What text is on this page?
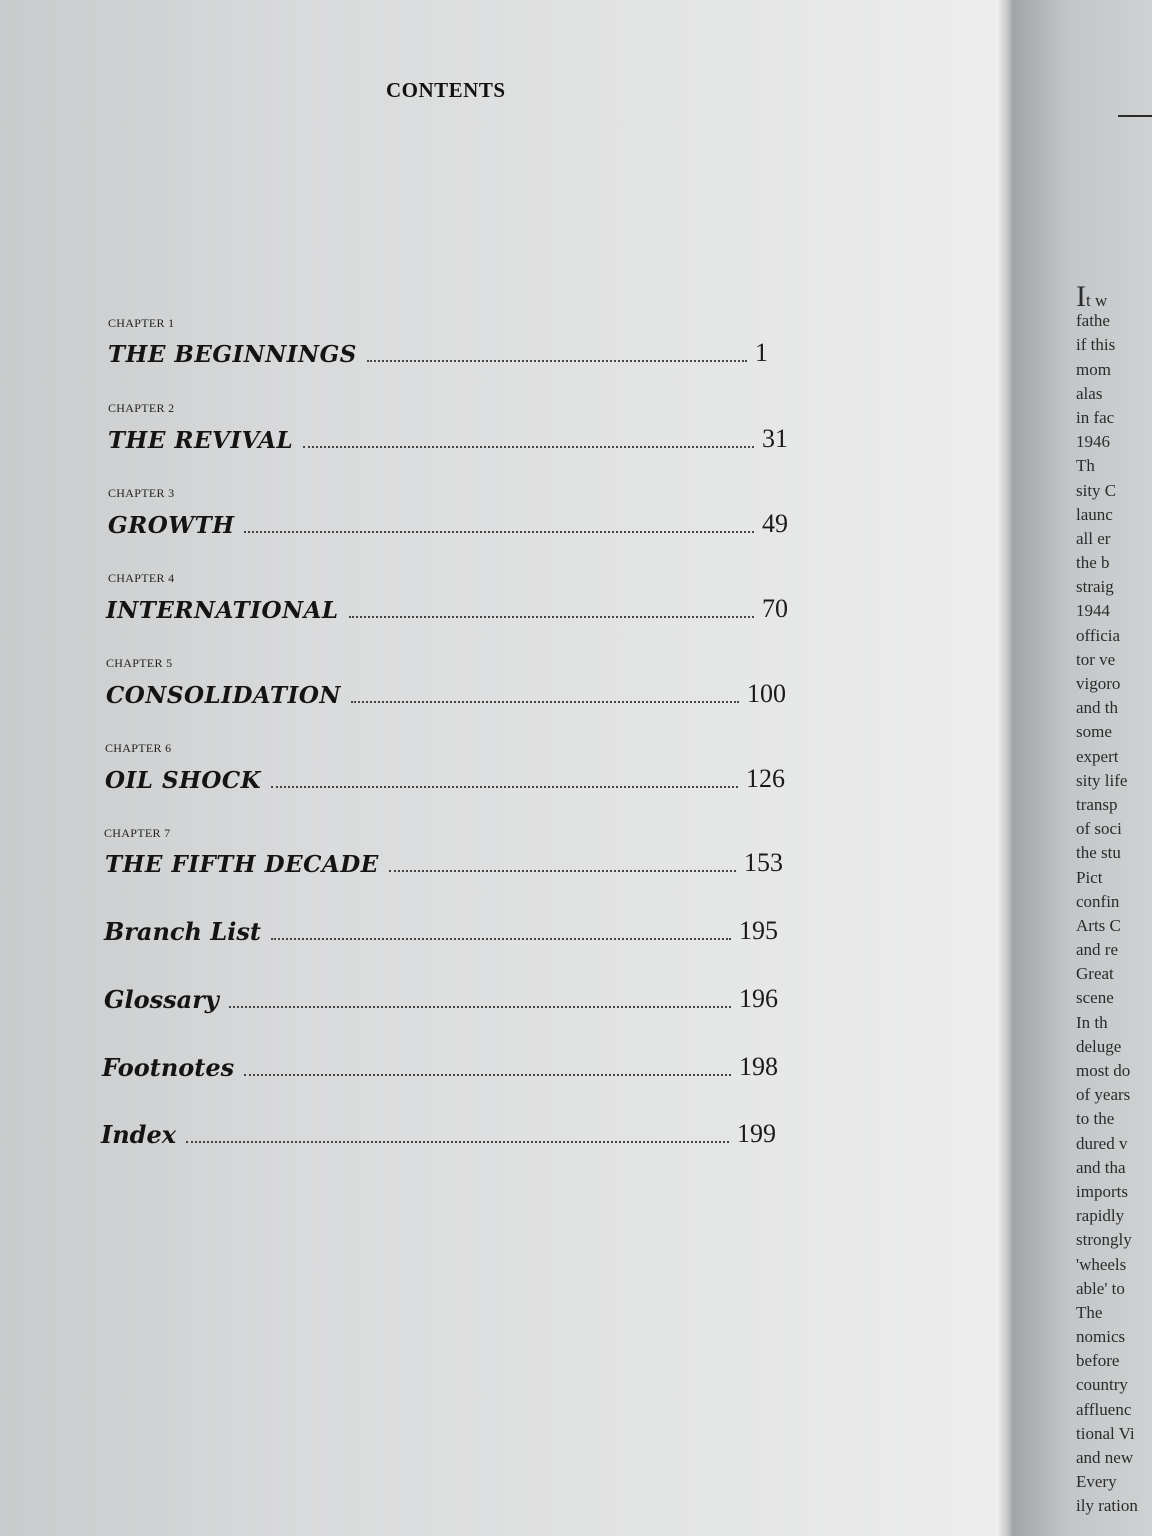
CONTENTS
CHAPTER 1
THE BEGINNINGS	1
CHAPTER 2
THE REVIVAL	31
CHAPTER 3
GROWTH	49
CHAPTER 4
INTERNATIONAL	70
CHAPTER 5
CONSOLIDATION	100
CHAPTER 6
OIL SHOCK	126
CHAPTER 7
THE FIFTH DECADE	153
Branch List	195
Glossary	196
Footnotes	198
Index	199
It w
fathe
if this
mom
alas
in fac
1946
Th
sity C
launc
all er
the b
straig
1944
officia
tor ve
vigoro
and th
some
expert
sity life
transp
of soci
the stu
Pict
confin
Arts C
and re
Great
scene
In th
deluge
most do
of years
to the
dured v
and tha
imports
rapidly
strongly
'wheels
able' to
The
nomics
before
country
affluenc
tional Vi
and new
Every
ily ration
